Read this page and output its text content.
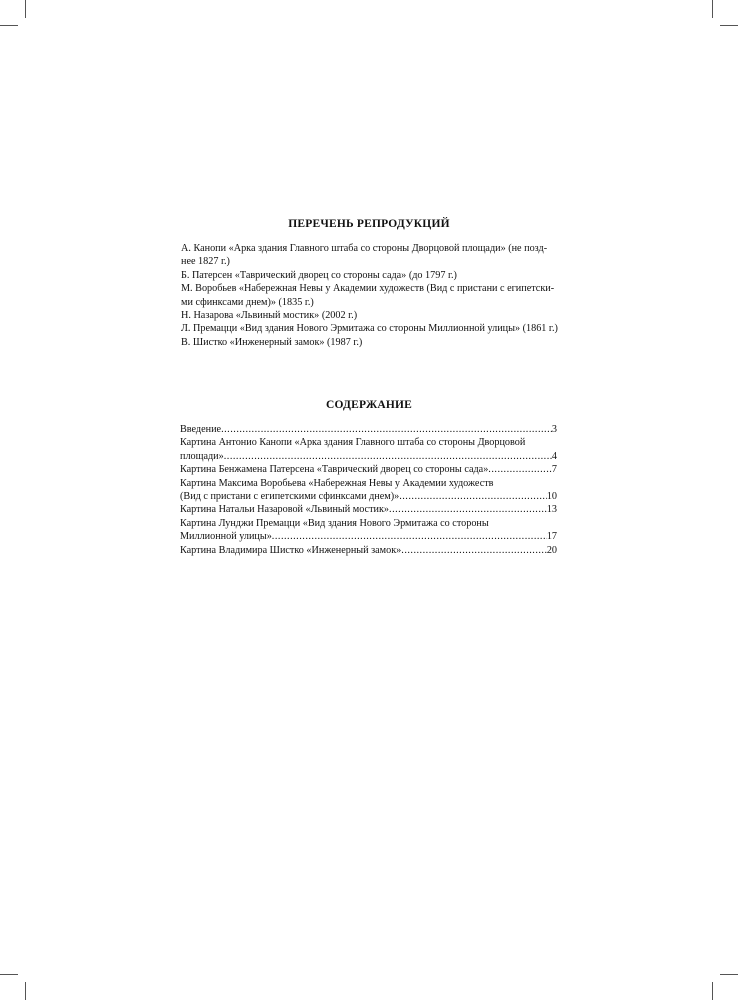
ПЕРЕЧЕНЬ РЕПРОДУКЦИЙ
А. Канопи «Арка здания Главного штаба со стороны Дворцовой площади» (не позд-
нее 1827 г.)
Б. Патерсен «Таврический дворец со стороны сада» (до 1797 г.)
М. Воробьев «Набережная Невы у Академии художеств (Вид с пристани с египетски-
ми сфинксами днем)» (1835 г.)
Н. Назарова «Львиный мостик» (2002 г.)
Л. Премацци «Вид здания Нового Эрмитажа со стороны Миллионной улицы» (1861 г.)
В. Шистко «Инженерный замок» (1987 г.)
СОДЕРЖАНИЕ
Введение .....	3
Картина Антонио Канопи «Арка здания Главного штаба со стороны Дворцовой
площади» .....	4
Картина Бенжамена Патерсена «Таврический дворец со стороны сада» .....	7
Картина Максима Воробьева «Набережная Невы у Академии художеств
(Вид с пристани с египетскими сфинксами днем)» .....	10
Картина Натальи Назаровой «Львиный мостик» .....	13
Картина Лунджи Премацци «Вид здания Нового Эрмитажа со стороны
Миллионной улицы» .....	17
Картина Владимира Шистко «Инженерный замок» .....	20
